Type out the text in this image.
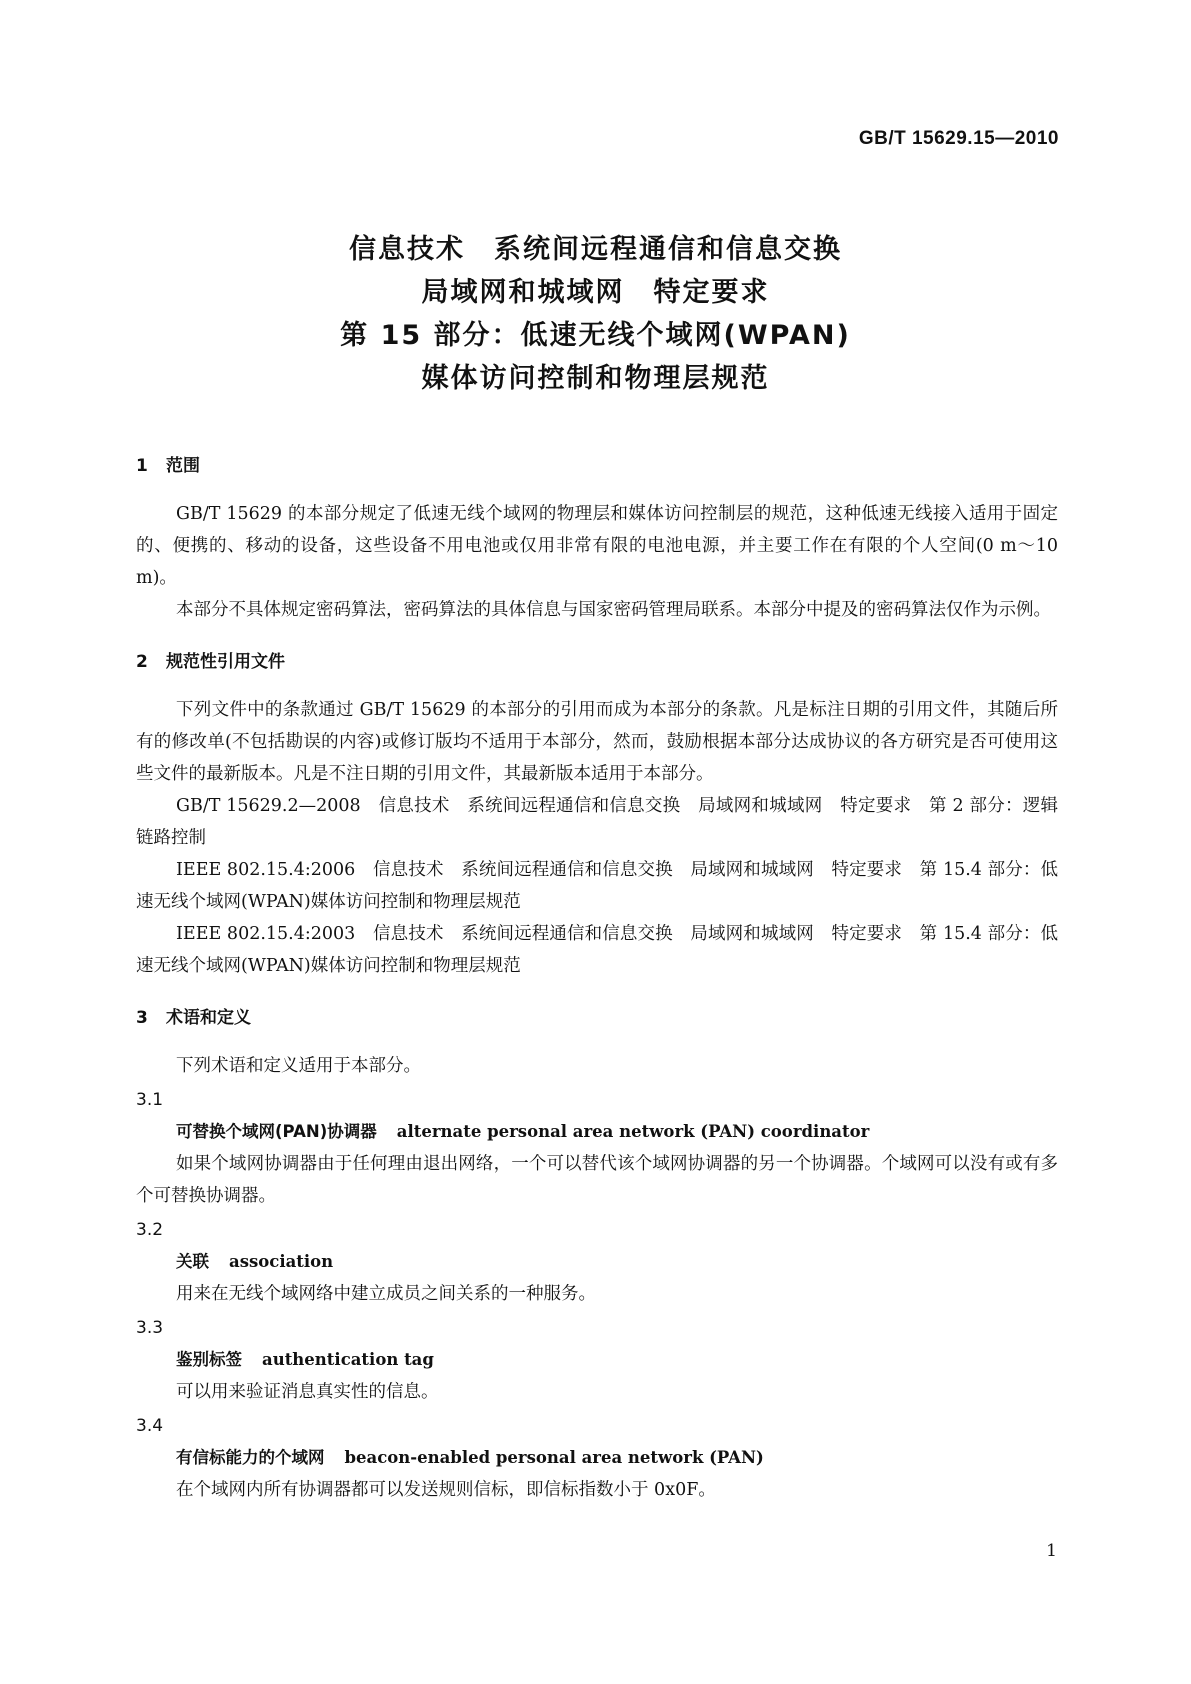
GB/T 15629.15—2010
信息技术　系统间远程通信和信息交换
局域网和城域网　特定要求
第 15 部分：低速无线个域网(WPAN)
媒体访问控制和物理层规范
1 范围

GB/T 15629 的本部分规定了低速无线个域网的物理层和媒体访问控制层的规范，这种低速无线接入适用于固定的、便携的、移动的设备，这些设备不用电池或仅用非常有限的电池电源，并主要工作在有限的个人空间(0 m～10 m)。

本部分不具体规定密码算法，密码算法的具体信息与国家密码管理局联系。本部分中提及的密码算法仅作为示例。

2 规范性引用文件

下列文件中的条款通过 GB/T 15629 的本部分的引用而成为本部分的条款。凡是标注日期的引用文件，其随后所有的修改单(不包括勘误的内容)或修订版均不适用于本部分，然而，鼓励根据本部分达成协议的各方研究是否可使用这些文件的最新版本。凡是不注日期的引用文件，其最新版本适用于本部分。

GB/T 15629.2—2008　信息技术　系统间远程通信和信息交换　局域网和城域网　特定要求　第 2 部分：逻辑链路控制

IEEE 802.15.4:2006　信息技术　系统间远程通信和信息交换　局域网和城域网　特定要求　第 15.4 部分：低速无线个域网(WPAN)媒体访问控制和物理层规范

IEEE 802.15.4:2003　信息技术　系统间远程通信和信息交换　局域网和城域网　特定要求　第 15.4 部分：低速无线个域网(WPAN)媒体访问控制和物理层规范

3 术语和定义

下列术语和定义适用于本部分。

3.1

可替换个域网(PAN)协调器 alternate personal area network (PAN) coordinator

如果个域网协调器由于任何理由退出网络，一个可以替代该个域网协调器的另一个协调器。个域网可以没有或有多个可替换协调器。

3.2

关联 association

用来在无线个域网络中建立成员之间关系的一种服务。

3.3

鉴别标签 authentication tag

可以用来验证消息真实性的信息。

3.4

有信标能力的个域网 beacon-enabled personal area network (PAN)

在个域网内所有协调器都可以发送规则信标，即信标指数小于 0x0F。

1
